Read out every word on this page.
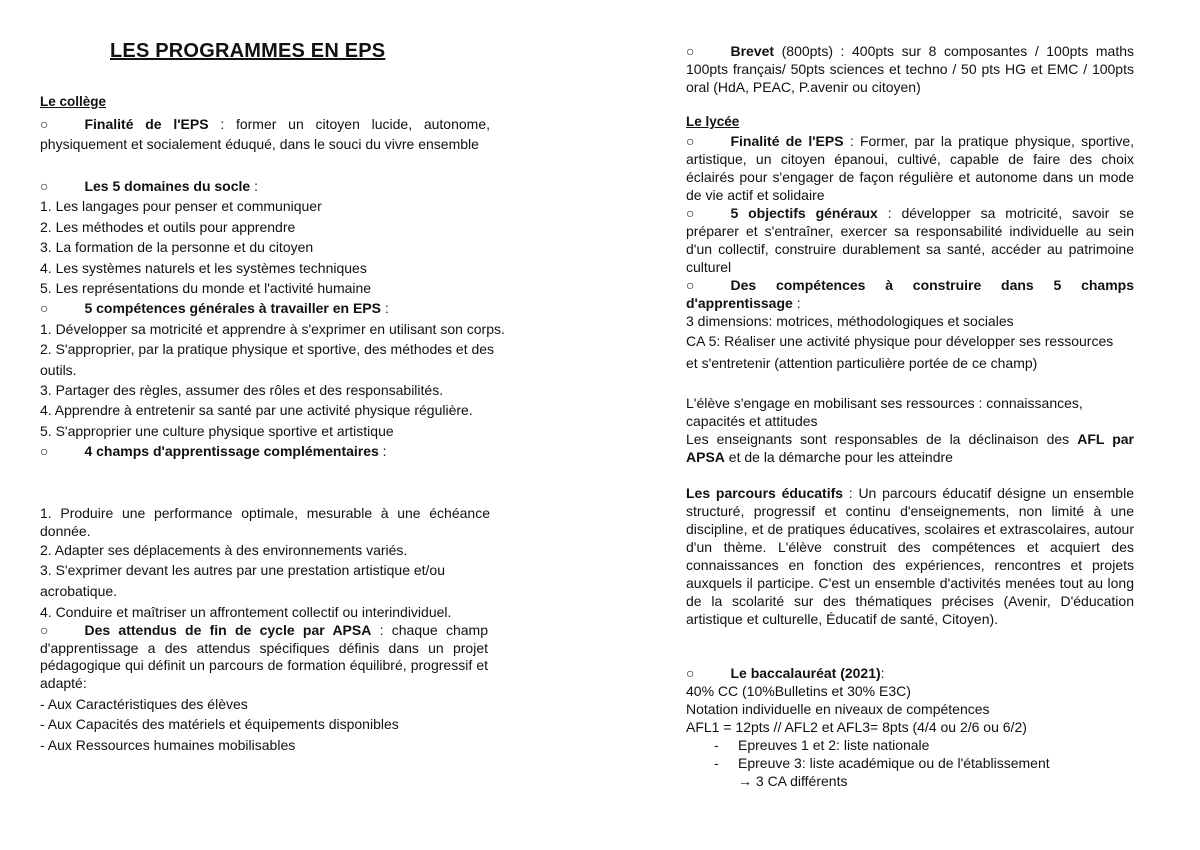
LES PROGRAMMES EN EPS
Le collège
○	Finalité de l'EPS : former un citoyen lucide, autonome, physiquement et socialement éduqué, dans le souci du vivre ensemble
○	Les 5 domaines du socle :
1. Les langages pour penser et communiquer
2. Les méthodes et outils pour apprendre
3. La formation de la personne et du citoyen
4. Les systèmes naturels et les systèmes techniques
5. Les représentations du monde et l'activité humaine
○	5 compétences générales à travailler en EPS :
1. Développer sa motricité et apprendre à s'exprimer en utilisant son corps.
2. S'approprier, par la pratique physique et sportive, des méthodes et des outils.
3. Partager des règles, assumer des rôles et des responsabilités.
4. Apprendre à entretenir sa santé par une activité physique régulière.
5. S'approprier une culture physique sportive et artistique
○	4 champs d'apprentissage complémentaires :
1. Produire une performance optimale, mesurable à une échéance donnée.
2. Adapter ses déplacements à des environnements variés.
3. S'exprimer devant les autres par une prestation artistique et/ou acrobatique.
4. Conduire et maîtriser un affrontement collectif ou interindividuel.
○	Des attendus de fin de cycle par APSA : chaque champ d'apprentissage a des attendus spécifiques définis dans un projet pédagogique qui définit un parcours de formation équilibré, progressif et adapté:
- Aux Caractéristiques des élèves
- Aux Capacités des matériels et équipements disponibles
- Aux Ressources humaines mobilisables
○	Brevet (800pts) : 400pts sur 8 composantes / 100pts maths 100pts français/ 50pts sciences et techno / 50 pts HG et EMC / 100pts oral (HdA, PEAC, P.avenir ou citoyen)
Le lycée
○	Finalité de l'EPS : Former, par la pratique physique, sportive, artistique, un citoyen épanoui, cultivé, capable de faire des choix éclairés pour s'engager de façon régulière et autonome dans un mode de vie actif et solidaire
○	5 objectifs généraux : développer sa motricité, savoir se préparer et s'entraîner, exercer sa responsabilité individuelle au sein d'un collectif, construire durablement sa santé, accéder au patrimoine culturel
○	Des compétences à construire dans 5 champs d'apprentissage :
3 dimensions: motrices, méthodologiques et sociales
CA 5: Réaliser une activité physique pour développer ses ressources et s'entretenir (attention particulière portée de ce champ)
L'élève s'engage en mobilisant ses ressources : connaissances, capacités et attitudes
Les enseignants sont responsables de la déclinaison des AFL par APSA et de la démarche pour les atteindre
Les parcours éducatifs : Un parcours éducatif désigne un ensemble structuré, progressif et continu d'enseignements, non limité à une discipline, et de pratiques éducatives, scolaires et extrascolaires, autour d'un thème. L'élève construit des compétences et acquiert des connaissances en fonction des expériences, rencontres et projets auxquels il participe. C'est un ensemble d'activités menées tout au long de la scolarité sur des thématiques précises (Avenir, D'éducation artistique et culturelle, Éducatif de santé, Citoyen).
○	Le baccalauréat (2021):
40% CC (10%Bulletins et 30% E3C)
Notation individuelle en niveaux de compétences
AFL1 = 12pts // AFL2 et AFL3= 8pts (4/4 ou 2/6 ou 6/2)
- Epreuves 1 et 2: liste nationale
- Epreuve 3: liste académique ou de l'établissement
→ 3 CA différents
